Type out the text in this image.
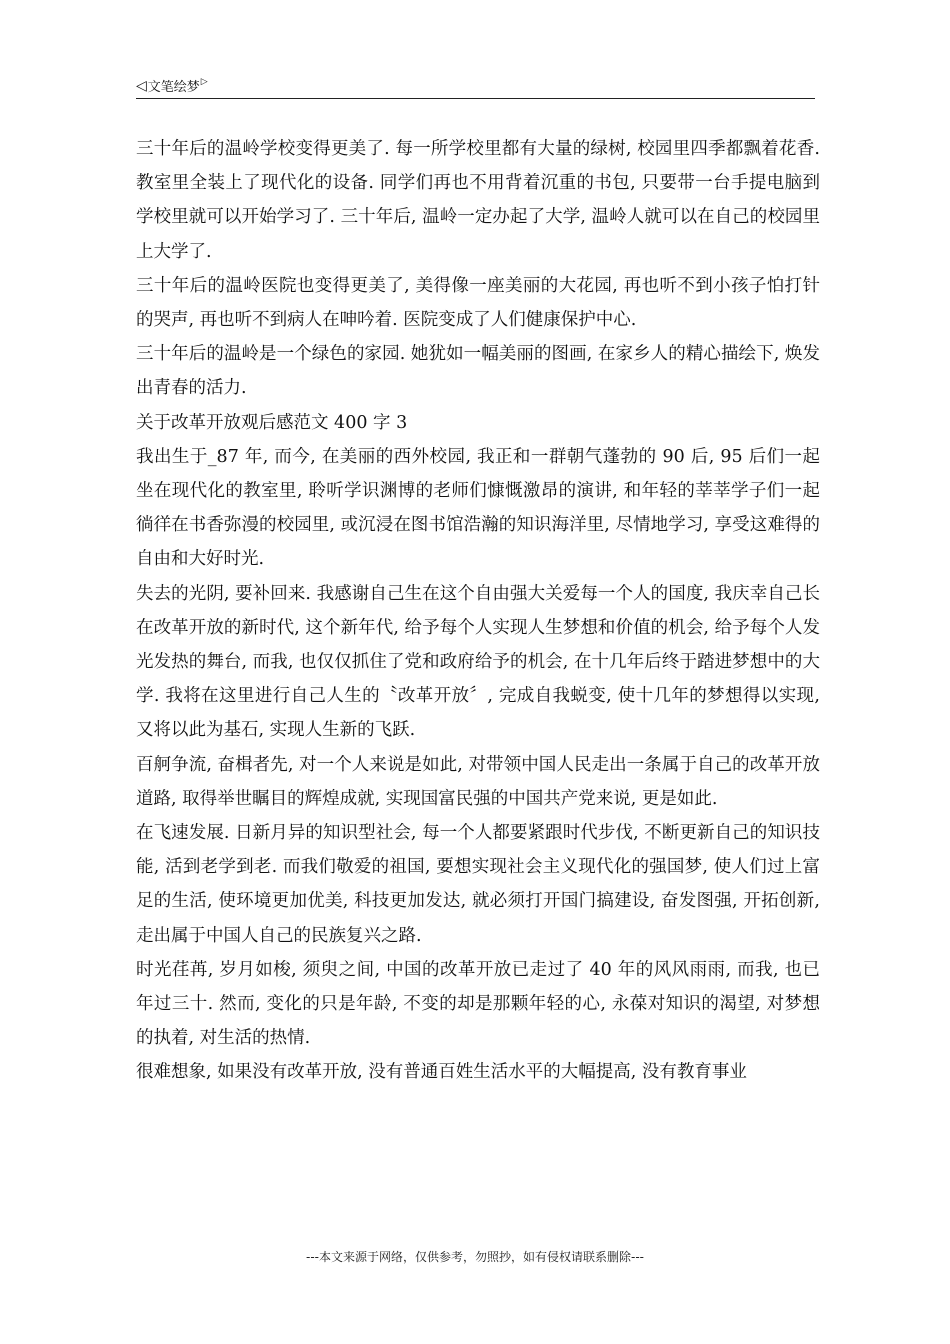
◁ 文笔绘梦 ▷

三十年后的温岭学校变得更美了. 每一所学校里都有大量的绿树, 校园里四季都飘着花香. 教室里全装上了现代化的设备. 同学们再也不用背着沉重的书包, 只要带一台手提电脑到学校里就可以开始学习了. 三十年后, 温岭一定办起了大学, 温岭人就可以在自己的校园里上大学了.

三十年后的温岭医院也变得更美了, 美得像一座美丽的大花园, 再也听不到小孩子怕打针的哭声, 再也听不到病人在呻吟着. 医院变成了人们健康保护中心.

三十年后的温岭是一个绿色的家园. 她犹如一幅美丽的图画, 在家乡人的精心描绘下, 焕发出青春的活力.

关于改革开放观后感范文 400 字 3

我出生于_87 年, 而今, 在美丽的西外校园, 我正和一群朝气蓬勃的 90 后, 95 后们一起坐在现代化的教室里, 聆听学识渊博的老师们慷慨激昂的演讲, 和年轻的莘莘学子们一起徜徉在书香弥漫的校园里, 或沉浸在图书馆浩瀚的知识海洋里, 尽情地学习, 享受这难得的自由和大好时光.

失去的光阴, 要补回来. 我感谢自己生在这个自由强大关爱每一个人的国度, 我庆幸自己长在改革开放的新时代, 这个新年代, 给予每个人实现人生梦想和价值的机会, 给予每个人发光发热的舞台, 而我, 也仅仅抓住了党和政府给予的机会, 在十几年后终于踏进梦想中的大学. 我将在这里进行自己人生的〝改革开放〞, 完成自我蜕变, 使十几年的梦想得以实现, 又将以此为基石, 实现人生新的飞跃.

百舸争流, 奋楫者先, 对一个人来说是如此, 对带领中国人民走出一条属于自己的改革开放道路, 取得举世瞩目的辉煌成就, 实现国富民强的中国共产党来说, 更是如此.

在飞速发展. 日新月异的知识型社会, 每一个人都要紧跟时代步伐, 不断更新自己的知识技能, 活到老学到老. 而我们敬爱的祖国, 要想实现社会主义现代化的强国梦, 使人们过上富足的生活, 使环境更加优美, 科技更加发达, 就必须打开国门搞建设, 奋发图强, 开拓创新, 走出属于中国人自己的民族复兴之路.

时光荏苒, 岁月如梭, 须臾之间, 中国的改革开放已走过了 40 年的风风雨雨, 而我, 也已年过三十. 然而, 变化的只是年龄, 不变的却是那颗年轻的心, 永葆对知识的渴望, 对梦想的执着, 对生活的热情.

很难想象, 如果没有改革开放, 没有普通百姓生活水平的大幅提高, 没有教育事业

---本文来源于网络，仅供参考，勿照抄，如有侵权请联系删除---
